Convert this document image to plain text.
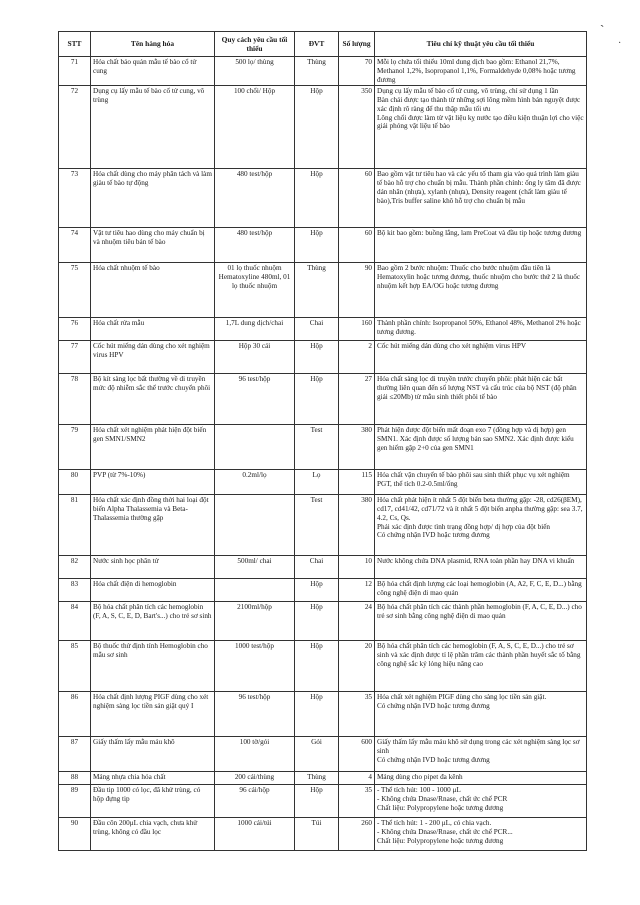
`
·
STT	Tên hàng hóa	Quy cách yêu cầu tối thiểu	ĐVT	Số lượng	Tiêu chí kỹ thuật yêu cầu tối thiểu
71	Hóa chất bảo quản mẫu tế bào cổ tử cung	500 lọ/ thùng	Thùng	70	Mỗi lọ chứa tối thiểu 10ml dung dịch bao gồm: Ethanol 21,7%, Methanol 1,2%, Isopropanol 1,1%, Formaldehyde 0,08% hoặc tương đương
72	Dụng cụ lấy mẫu tế bào cổ tử cung, vô trùng	100 chổi/ Hộp	Hộp	350	Dụng cụ lấy mẫu tế bào cổ tử cung, vô trùng, chỉ sử dụng 1 lần
Bàn chải được tạo thành từ những sợi lông mềm hình bán nguyệt được xác định rõ ràng để thu thập mẫu tối ưu
Lông chổi được làm từ vật liệu kỵ nước tạo điều kiện thuận lợi cho việc giải phóng vật liệu tế bào
73	Hóa chất dùng cho máy phân tách và làm giàu tế bào tự động	480 test/hộp	Hộp	60	Bao gồm vật tư tiêu hao và các yếu tố tham gia vào quá trình làm giàu tế bào hỗ trợ cho chuẩn bị mẫu. Thành phần chính: ống ly tâm đã được dán nhãn (nhựa), xylanh (nhựa), Density reagent (chất làm giàu tế bào),Tris buffer saline khô hỗ trợ cho chuẩn bị mẫu
74	Vật tư tiêu hao dùng cho máy chuẩn bị và nhuộm tiêu bản tế bào	480 test/hộp	Hộp	60	Bộ kit bao gồm: buồng lắng, lam PreCoat và đầu tip hoặc tương đương
75	Hóa chất nhuộm tế bào	01 lọ thuốc nhuộm Hematoxyline 480ml, 01 lọ thuốc nhuộm	Thùng	90	Bao gồm 2 bước nhuộm: Thuốc cho bước nhuộm đầu tiên là Hematoxylin hoặc tương đương, thuốc nhuộm cho bước thứ 2 là thuốc nhuộm kết hợp EA/OG hoặc tương đương
76	Hóa chất rửa mẫu	1,7L dung dịch/chai	Chai	160	Thành phần chính: Isopropanol 50%, Ethanol 48%, Methanol 2% hoặc tương đương.
77	Cốc hút miếng dán dùng cho xét nghiệm virus HPV	Hộp 30 cái	Hộp	2	Cốc hút miếng dán dùng cho xét nghiệm virus HPV
78	Bộ kít sàng lọc bất thường về di truyền mức độ nhiễm sắc thể trước chuyển phôi	96 test/hộp	Hộp	27	Hóa chất sàng lọc di truyền trước chuyển phôi: phát hiện các bất thường liên quan đến số lượng NST và cấu trúc của bộ NST (độ phân giải ≤20Mb) từ mẫu sinh thiết phôi tế bào
79	Hóa chất xét nghiệm phát hiện đột biến gen SMN1/SMN2		Test	380	Phát hiện được đột biến mất đoạn exo 7 (đồng hợp và dị hợp) gen SMN1. Xác định được số lượng bản sao SMN2. Xác định được kiểu gen hiếm gặp 2+0 của gen SMN1
80	PVP (từ 7%-10%)	0.2ml/lọ	Lọ	115	Hóa chất vận chuyển tế bào phôi sau sinh thiết phục vụ xét nghiệm PGT, thể tích 0.2-0.5ml/ống
81	Hóa chất xác định đồng thời hai loại đột biến Alpha Thalassemia và Beta-Thalassemia thường gặp		Test	380	Hóa chất phát hiện ít nhất 5 đột biến beta thường gặp: -28, cd26(βEM), cd17, cd41/42, cd71/72 và ít nhất 5 đột biến anpha thường gặp: sea 3.7, 4.2, Cs, Qs.
Phải xác định được tình trạng đồng hợp/ dị hợp của đột biến
Có chứng nhận IVD hoặc tương đương
82	Nước sinh học phân tử	500ml/ chai	Chai	10	Nước không chứa DNA plasmid, RNA toàn phần hay DNA vi khuẩn
83	Hóa chất điện di hemoglobin		Hộp	12	Bộ hóa chất định lượng các loại hemoglobin (A, A2, F, C, E, D...) bằng công nghệ điện di mao quản
84	Bộ hóa chất phân tích các hemoglobin (F, A, S, C, E, D, Bart's...) cho trẻ sơ sinh	2100ml/hộp	Hộp	24	Bộ hóa chất phân tích các thành phần hemoglobin (F, A, C, E, D...) cho trẻ sơ sinh bằng công nghệ điện di mao quản
85	Bộ thuốc thử định tính Hemoglobin cho mẫu sơ sinh	1000 test/hộp	Hộp	20	Bộ hóa chất phân tích các hemoglobin (F, A, S, C, E, D...) cho trẻ sơ sinh và xác định được tỉ lệ phần trăm các thành phần huyết sắc tố bằng công nghệ sắc ký lỏng hiệu năng cao
86	Hóa chất định lượng PIGF dùng cho xét nghiệm sàng lọc tiền sản giật quý I	96 test/hộp	Hộp	35	Hóa chất xét nghiệm PIGF dùng cho sàng lọc tiền sản giật.
Có chứng nhận IVD hoặc tương đương
87	Giấy thấm lấy mẫu máu khô	100 tờ/gói	Gói	600	Giấy thấm lấy mẫu máu khô sử dụng trong các xét nghiệm sàng lọc sơ sinh
Có chứng nhận IVD hoặc tương đương
88	Máng nhựa chia hóa chất	200 cái/thùng	Thùng	4	Máng dùng cho pipet đa kênh
89	Đầu tip 1000 có lọc, đã khử trùng, có hộp đựng tip	96 cái/hộp	Hộp	35	- Thể tích hút: 100 - 1000 μL
- Không chứa Dnase/Rnase, chất ức chế PCR
Chất liệu: Polypropylene hoặc tương đương
90	Đầu côn 200μL chia vạch, chưa khử trùng, không có đầu lọc	1000 cái/túi	Túi	260	- Thể tích hút: 1 - 200 μL, có chia vạch.
- Không chứa Dnase/Rnase, chất ức chế PCR...
Chất liệu: Polypropylene hoặc tương đương
